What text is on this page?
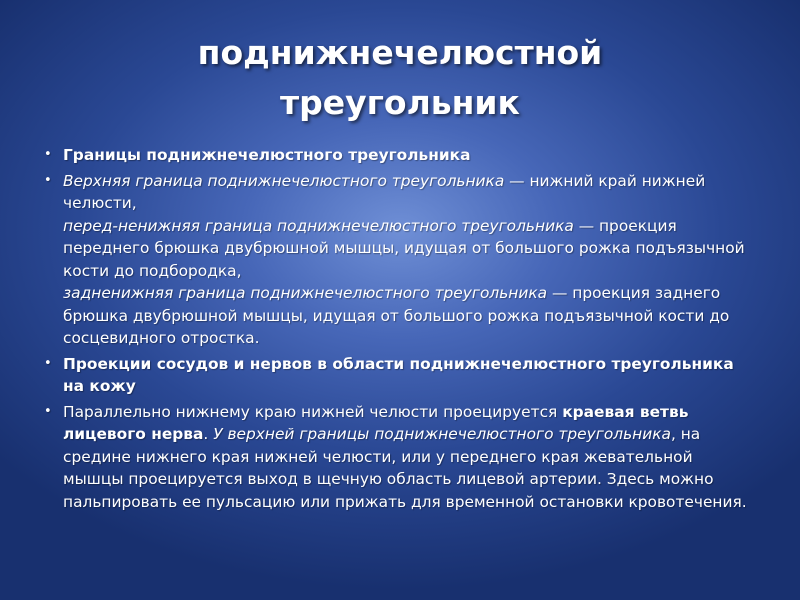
поднижнечелюстной
треугольник
• Границы поднижнечелюстного треугольника
• Верхняя граница поднижнечелюстного треугольника — нижний край нижней челюсти,
перед-ненижняя граница поднижнечелюстного треугольника — проекция переднего брюшка двубрюшной мышцы, идущая от большого рожка подъязычной кости до подбородка,
задненижняя граница поднижнечелюстного треугольника — проекция заднего брюшка двубрюшной мышцы, идущая от большого рожка подъязычной кости до сосцевидного отростка.
• Проекции сосудов и нервов в области поднижнечелюстного треугольника на кожу
• Параллельно нижнему краю нижней челюсти проецируется краевая ветвь лицевого нерва. У верхней границы поднижнечелюстного треугольника, на средине нижнего края нижней челюсти, или у переднего края жевательной мышцы проецируется выход в щечную область лицевой артерии. Здесь можно пальпировать ее пульсацию или прижать для временной остановки кровотечения.
